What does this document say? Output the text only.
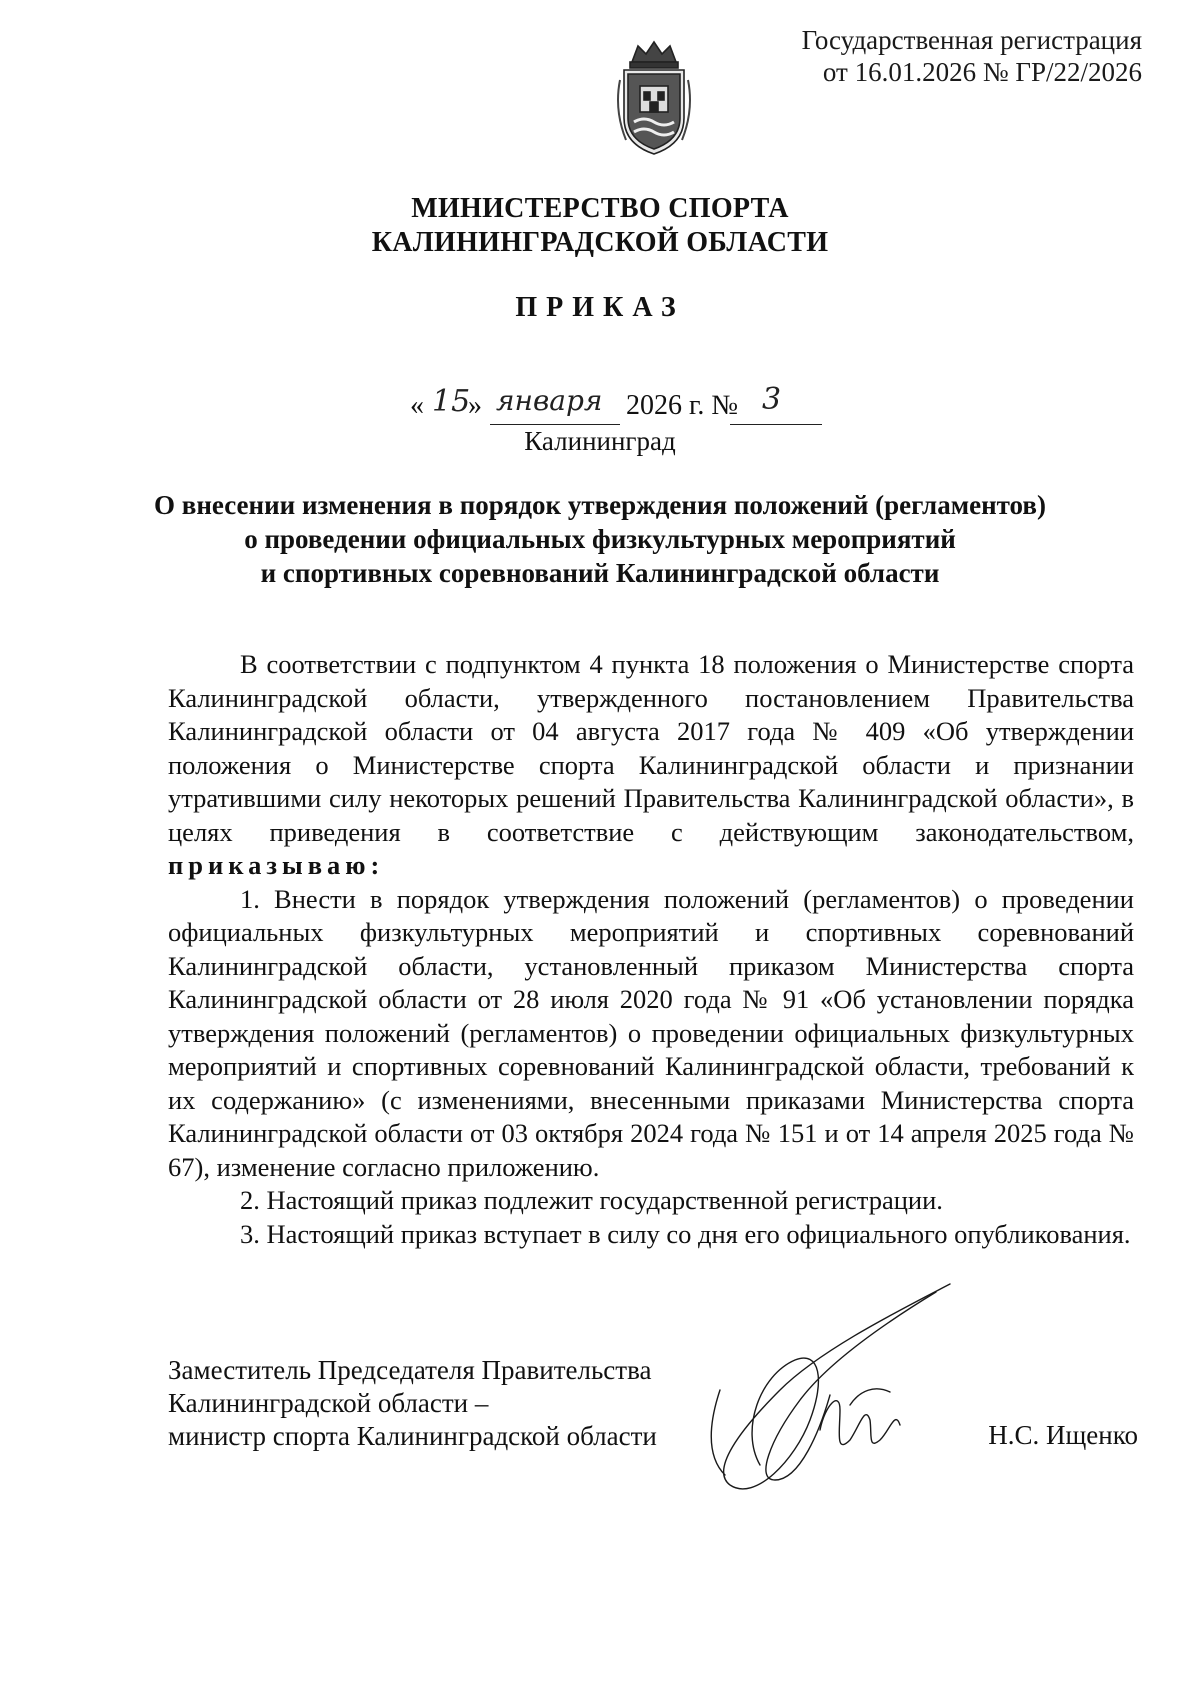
Государственная регистрация
от 16.01.2026 № ГР/22/2026
МИНИСТЕРСТВО СПОРТА
КАЛИНИНГРАДСКОЙ ОБЛАСТИ
ПРИКАЗ
« 15
» января 2026 г. № 3
Калининград
О внесении изменения в порядок утверждения положений (регламентов)
о проведении официальных физкультурных мероприятий
и спортивных соревнований Калининградской области

В соответствии с подпунктом 4 пункта 18 положения о Министерстве спорта Калининградской области, утвержденного постановлением Правительства Калининградской области от 04 августа 2017 года № 409 «Об утверждении положения о Министерстве спорта Калининградской области и признании утратившими силу некоторых решений Правительства Калининградской области», в целях приведения в соответствие с действующим законодательством, приказываю:

1. Внести в порядок утверждения положений (регламентов) о проведении официальных физкультурных мероприятий и спортивных соревнований Калининградской области, установленный приказом Министерства спорта Калининградской области от 28 июля 2020 года № 91 «Об установлении порядка утверждения положений (регламентов) о проведении официальных физкультурных мероприятий и спортивных соревнований Калининградской области, требований к их содержанию» (с изменениями, внесенными приказами Министерства спорта Калининградской области от 03 октября 2024 года № 151 и от 14 апреля 2025 года № 67), изменение согласно приложению.

2. Настоящий приказ подлежит государственной регистрации.

3. Настоящий приказ вступает в силу со дня его официального опубликования.

Заместитель Председателя Правительства
Калининградской области –
министр спорта Калининградской области	Н.С. Ищенко
